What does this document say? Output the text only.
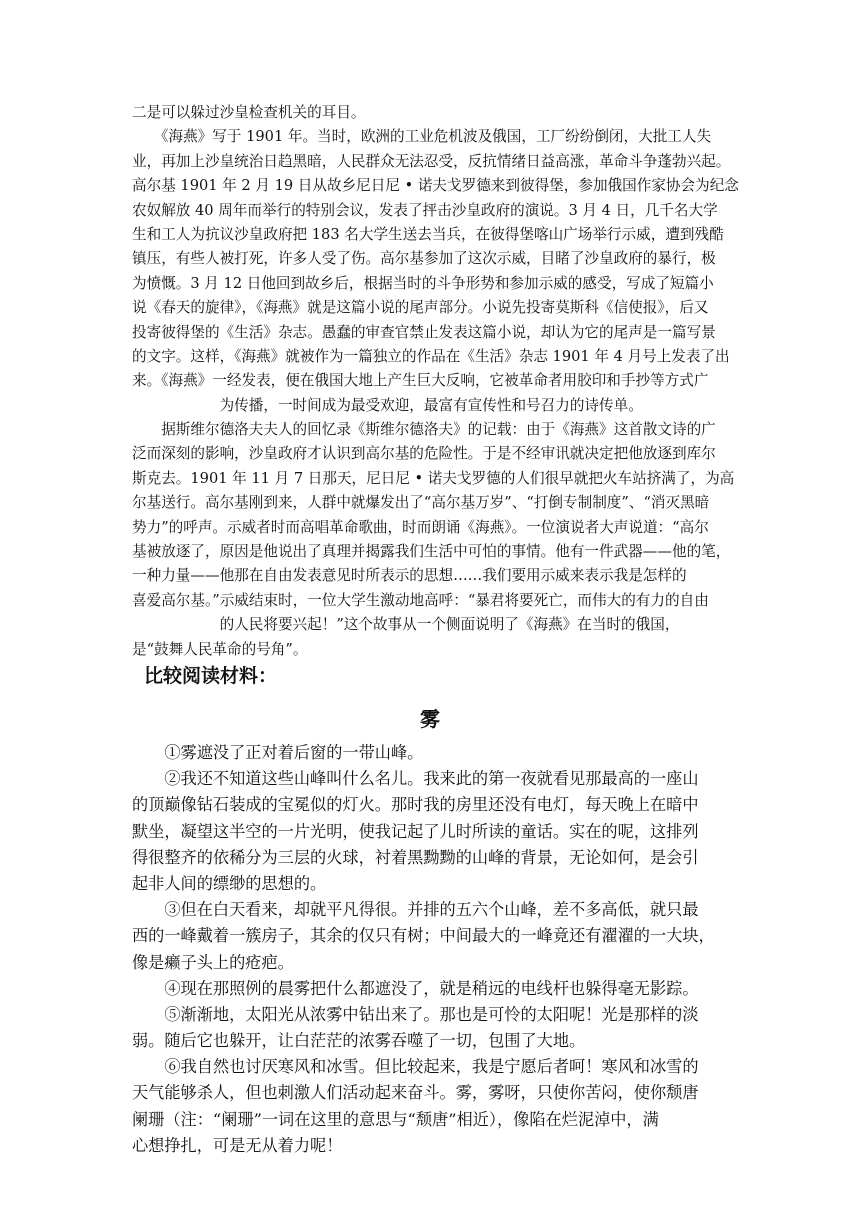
二是可以躲过沙皇检查机关的耳目。
　　《海燕》写于 1901 年。当时，欧洲的工业危机波及俄国，工厂纷纷倒闭，大批工人失
业，再加上沙皇统治日趋黑暗，人民群众无法忍受，反抗情绪日益高涨，革命斗争蓬勃兴起。
高尔基 1901 年 2 月 19 日从故乡尼日尼 • 诺夫戈罗德来到彼得堡，参加俄国作家协会为纪念
农奴解放 40 周年而举行的特别会议，发表了抨击沙皇政府的演说。3 月 4 日，几千名大学
生和工人为抗议沙皇政府把 183 名大学生送去当兵，在彼得堡喀山广场举行示威，遭到残酷
镇压，有些人被打死，许多人受了伤。高尔基参加了这次示威，目睹了沙皇政府的暴行，极
为愤慨。3 月 12 日他回到故乡后，根据当时的斗争形势和参加示威的感受，写成了短篇小
说《春天的旋律》，《海燕》就是这篇小说的尾声部分。小说先投寄莫斯科《信使报》，后又
投寄彼得堡的《生活》杂志。愚蠢的审查官禁止发表这篇小说，却认为它的尾声是一篇写景
的文字。这样，《海燕》就被作为一篇独立的作品在《生活》杂志 1901 年 4 月号上发表了出
来。《海燕》一经发表，便在俄国大地上产生巨大反响，它被革命者用胶印和手抄等方式广
　　　　　　为传播，一时间成为最受欢迎，最富有宣传性和号召力的诗传单。
　　据斯维尔德洛夫夫人的回忆录《斯维尔德洛夫》的记载：由于《海燕》这首散文诗的广
泛而深刻的影响，沙皇政府才认识到高尔基的危险性。于是不经审讯就决定把他放逐到库尔
斯克去。1901 年 11 月 7 日那天，尼日尼 • 诺夫戈罗德的人们很早就把火车站挤满了，为高
尔基送行。高尔基刚到来，人群中就爆发出了“高尔基万岁”、“打倒专制制度”、“消灭黑暗
势力”的呼声。示威者时而高唱革命歌曲，时而朗诵《海燕》。一位演说者大声说道：“高尔
基被放逐了，原因是他说出了真理并揭露我们生活中可怕的事情。他有一件武器——他的笔，
一种力量——他那在自由发表意见时所表示的思想……我们要用示威来表示我是怎样的
喜爱高尔基。”示威结束时，一位大学生激动地高呼：“暴君将要死亡，而伟大的有力的自由
　　　　　　的人民将要兴起！”这个故事从一个侧面说明了《海燕》在当时的俄国，
是“鼓舞人民革命的号角”。
比较阅读材料：
雾
　　①雾遮没了正对着后窗的一带山峰。
　　②我还不知道这些山峰叫什么名儿。我来此的第一夜就看见那最高的一座山
的顶巅像钻石装成的宝冕似的灯火。那时我的房里还没有电灯，每天晚上在暗中
默坐，凝望这半空的一片光明，使我记起了儿时所读的童话。实在的呢，这排列
得很整齐的依稀分为三层的火球，衬着黑黝黝的山峰的背景，无论如何，是会引
起非人间的缥缈的思想的。
　　③但在白天看来，却就平凡得很。并排的五六个山峰，差不多高低，就只最
西的一峰戴着一簇房子，其余的仅只有树；中间最大的一峰竟还有濯濯的一大块，
像是癞子头上的疮疤。
　　④现在那照例的晨雾把什么都遮没了，就是稍远的电线杆也躲得毫无影踪。
　　⑤渐渐地，太阳光从浓雾中钻出来了。那也是可怜的太阳呢！光是那样的淡
弱。随后它也躲开，让白茫茫的浓雾吞噬了一切，包围了大地。
　　⑥我自然也讨厌寒风和冰雪。但比较起来，我是宁愿后者呵！寒风和冰雪的
天气能够杀人，但也刺激人们活动起来奋斗。雾，雾呀，只使你苦闷，使你颓唐
阑珊（注：“阑珊”一词在这里的意思与“颓唐”相近），像陷在烂泥淖中，满
心想挣扎，可是无从着力呢！
